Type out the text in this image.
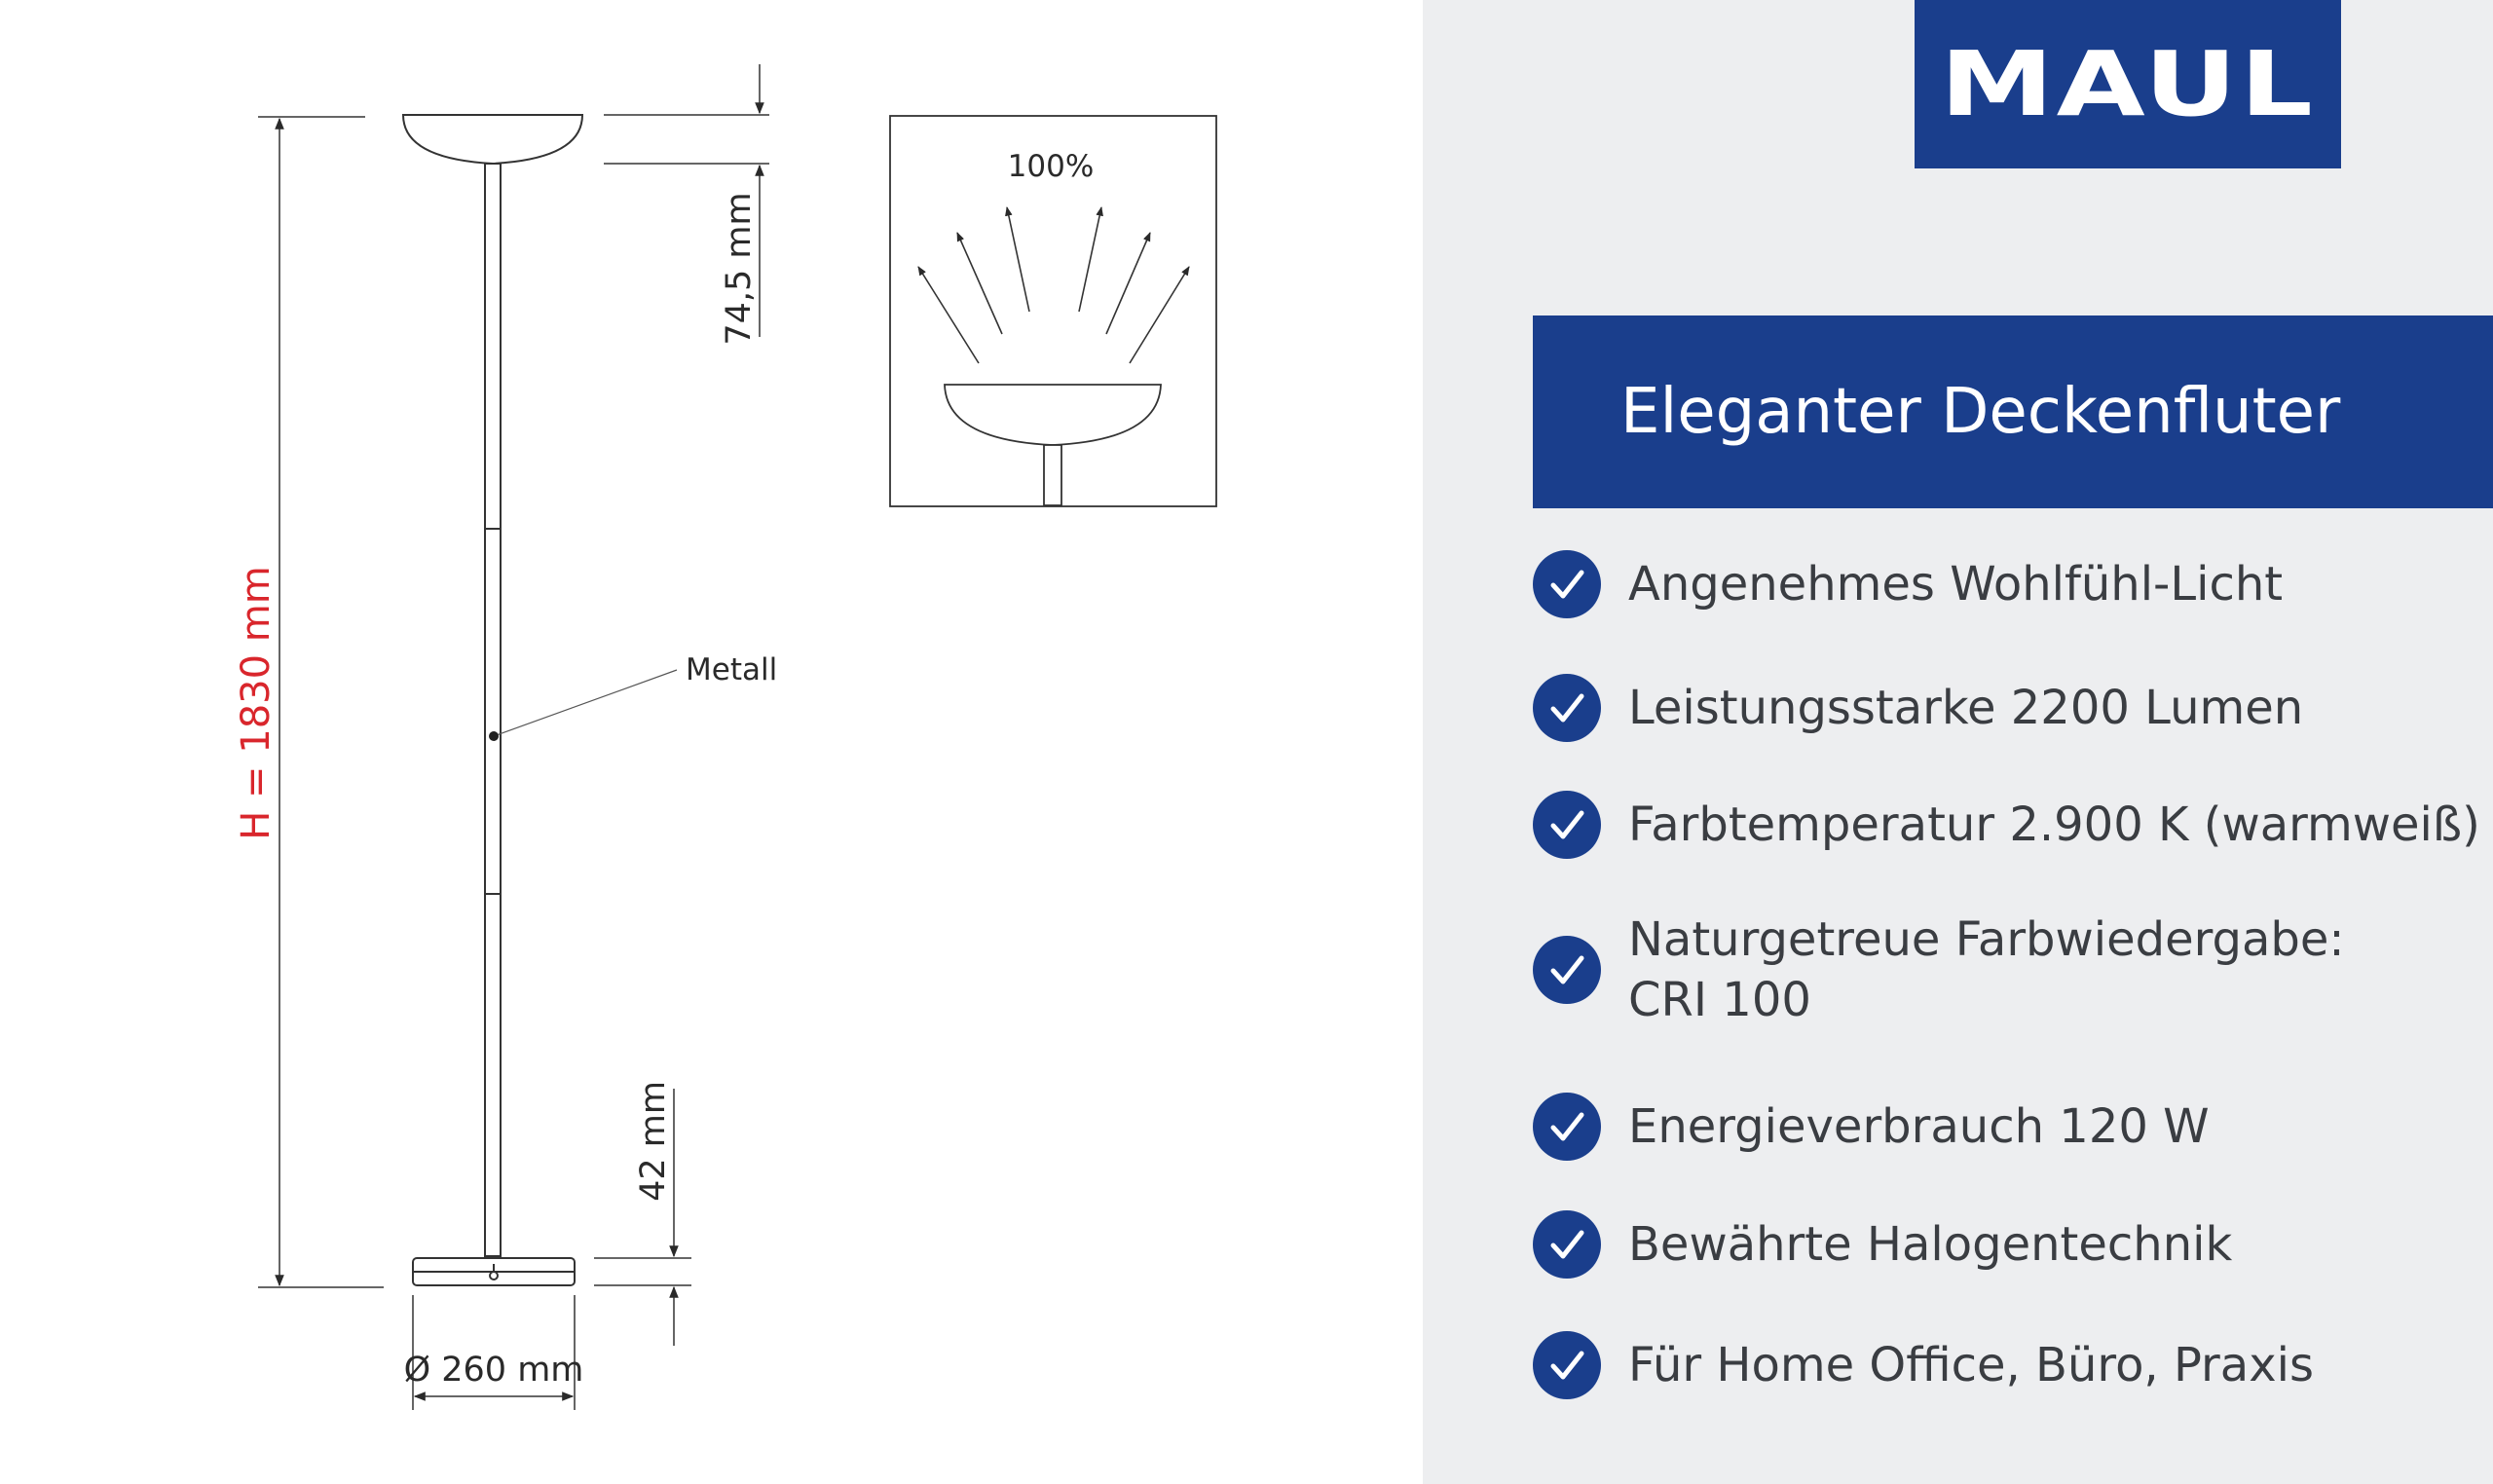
H = 1830 mm
74,5 mm
42 mm
Ø 260 mm
Metall
100%
MAUL
Eleganter Deckenfluter
Angenehmes Wohlfühl-Licht
Leistungsstarke 2200 Lumen
Farbtemperatur 2.900 K (warmweiß)
Naturgetreue Farbwiedergabe:
CRI 100
Energieverbrauch 120 W
Bewährte Halogentechnik
Für Home Office, Büro, Praxis
